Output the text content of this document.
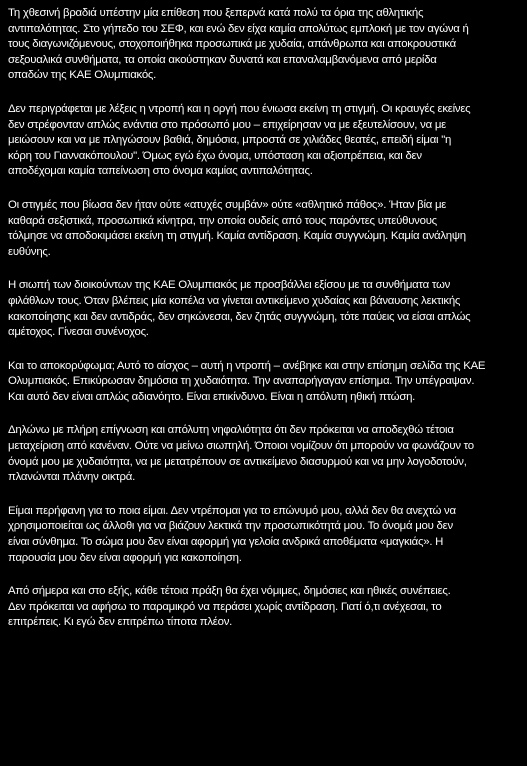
Τη χθεσινή βραδιά υπέστην μία επίθεση που ξεπερνά κατά πολύ τα όρια της αθλητικής
αντιπαλότητας. Στο γήπεδο του ΣΕΦ, και ενώ δεν είχα καμία απολύτως εμπλοκή με τον αγώνα ή
τους διαγωνιζόμενους, στοχοποιήθηκα προσωπικά με χυδαία, απάνθρωπα και αποκρουστικά
σεξουαλικά συνθήματα, τα οποία ακούστηκαν δυνατά και επαναλαμβανόμενα από μερίδα
οπαδών της ΚΑΕ Ολυμπιακός.
Δεν περιγράφεται με λέξεις η ντροπή και η οργή που ένιωσα εκείνη τη στιγμή. Οι κραυγές εκείνες
δεν στρέφονταν απλώς ενάντια στο πρόσωπό μου – επιχείρησαν να με εξευτελίσουν, να με
μειώσουν και να με πληγώσουν βαθιά, δημόσια, μπροστά σε χιλιάδες θεατές, επειδή είμαι "η
κόρη του Γιαννακόπουλου". Όμως εγώ έχω όνομα, υπόσταση και αξιοπρέπεια, και δεν
αποδέχομαι καμία ταπείνωση στο όνομα καμίας αντιπαλότητας.
Οι στιγμές που βίωσα δεν ήταν ούτε «ατυχές συμβάν» ούτε «αθλητικό πάθος». Ήταν βία με
καθαρά σεξιστικά, προσωπικά κίνητρα, την οποία ουδείς από τους παρόντες υπεύθυνους
τόλμησε να αποδοκιμάσει εκείνη τη στιγμή. Καμία αντίδραση. Καμία συγγνώμη. Καμία ανάληψη
ευθύνης.
Η σιωπή των διοικούντων της ΚΑΕ Ολυμπιακός με προσβάλλει εξίσου με τα συνθήματα των
φιλάθλων τους. Όταν βλέπεις μία κοπέλα να γίνεται αντικείμενο χυδαίας και βάναυσης λεκτικής
κακοποίησης και δεν αντιδράς, δεν σηκώνεσαι, δεν ζητάς συγγνώμη, τότε παύεις να είσαι απλώς
αμέτοχος. Γίνεσαι συνένοχος.
Και το αποκορύφωμα; Αυτό το αίσχος – αυτή η ντροπή – ανέβηκε και στην επίσημη σελίδα της ΚΑΕ
Ολυμπιακός. Επικύρωσαν δημόσια τη χυδαιότητα. Την αναπαρήγαγαν επίσημα. Την υπέγραψαν.
Και αυτό δεν είναι απλώς αδιανόητο. Είναι επικίνδυνο. Είναι η απόλυτη ηθική πτώση.
Δηλώνω με πλήρη επίγνωση και απόλυτη νηφαλιότητα ότι δεν πρόκειται να αποδεχθώ τέτοια
μεταχείριση από κανέναν. Ούτε να μείνω σιωπηλή. Όποιοι νομίζουν ότι μπορούν να φωνάζουν το
όνομά μου με χυδαιότητα, να με μετατρέπουν σε αντικείμενο διασυρμού και να μην λογοδοτούν,
πλανώνται πλάνην οικτρά.
Είμαι περήφανη για το ποια είμαι. Δεν ντρέπομαι για το επώνυμό μου, αλλά δεν θα ανεχτώ να
χρησιμοποιείται ως άλλοθι για να βιάζουν λεκτικά την προσωπικότητά μου. Το όνομά μου δεν
είναι σύνθημα. Το σώμα μου δεν είναι αφορμή για γελοία ανδρικά αποθέματα «μαγκιάς». Η
παρουσία μου δεν είναι αφορμή για κακοποίηση.
Από σήμερα και στο εξής, κάθε τέτοια πράξη θα έχει νόμιμες, δημόσιες και ηθικές συνέπειες.
Δεν πρόκειται να αφήσω το παραμικρό να περάσει χωρίς αντίδραση. Γιατί ό,τι ανέχεσαι, το
επιτρέπεις. Κι εγώ δεν επιτρέπω τίποτα πλέον.
